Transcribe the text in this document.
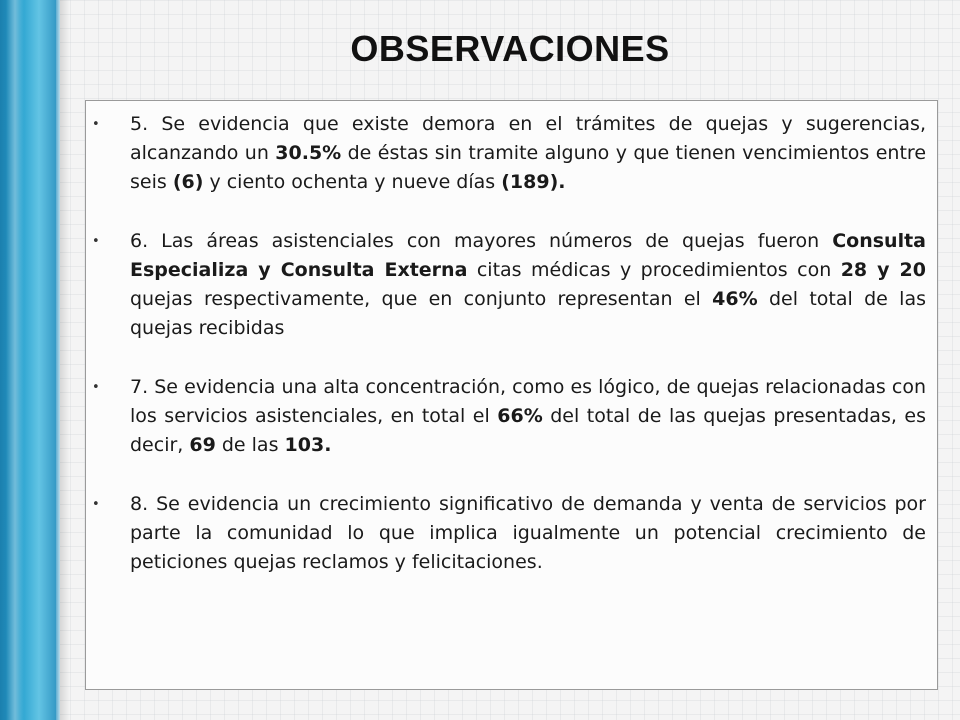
OBSERVACIONES
• 5. Se evidencia que existe demora en el trámites de quejas y sugerencias, alcanzando un 30.5% de éstas sin tramite alguno y que tienen vencimientos entre seis (6) y ciento ochenta y nueve días (189).
• 6. Las áreas asistenciales con mayores números de quejas fueron Consulta Especializa y Consulta Externa citas médicas y procedimientos con 28 y 20 quejas respectivamente, que en conjunto representan el 46% del total de las quejas recibidas
• 7. Se evidencia una alta concentración, como es lógico, de quejas relacionadas con los servicios asistenciales, en total el 66% del total de las quejas presentadas, es decir, 69 de las 103.
• 8. Se evidencia un crecimiento significativo de demanda y venta de servicios por parte la comunidad lo que implica igualmente un potencial crecimiento de peticiones quejas reclamos y felicitaciones.
